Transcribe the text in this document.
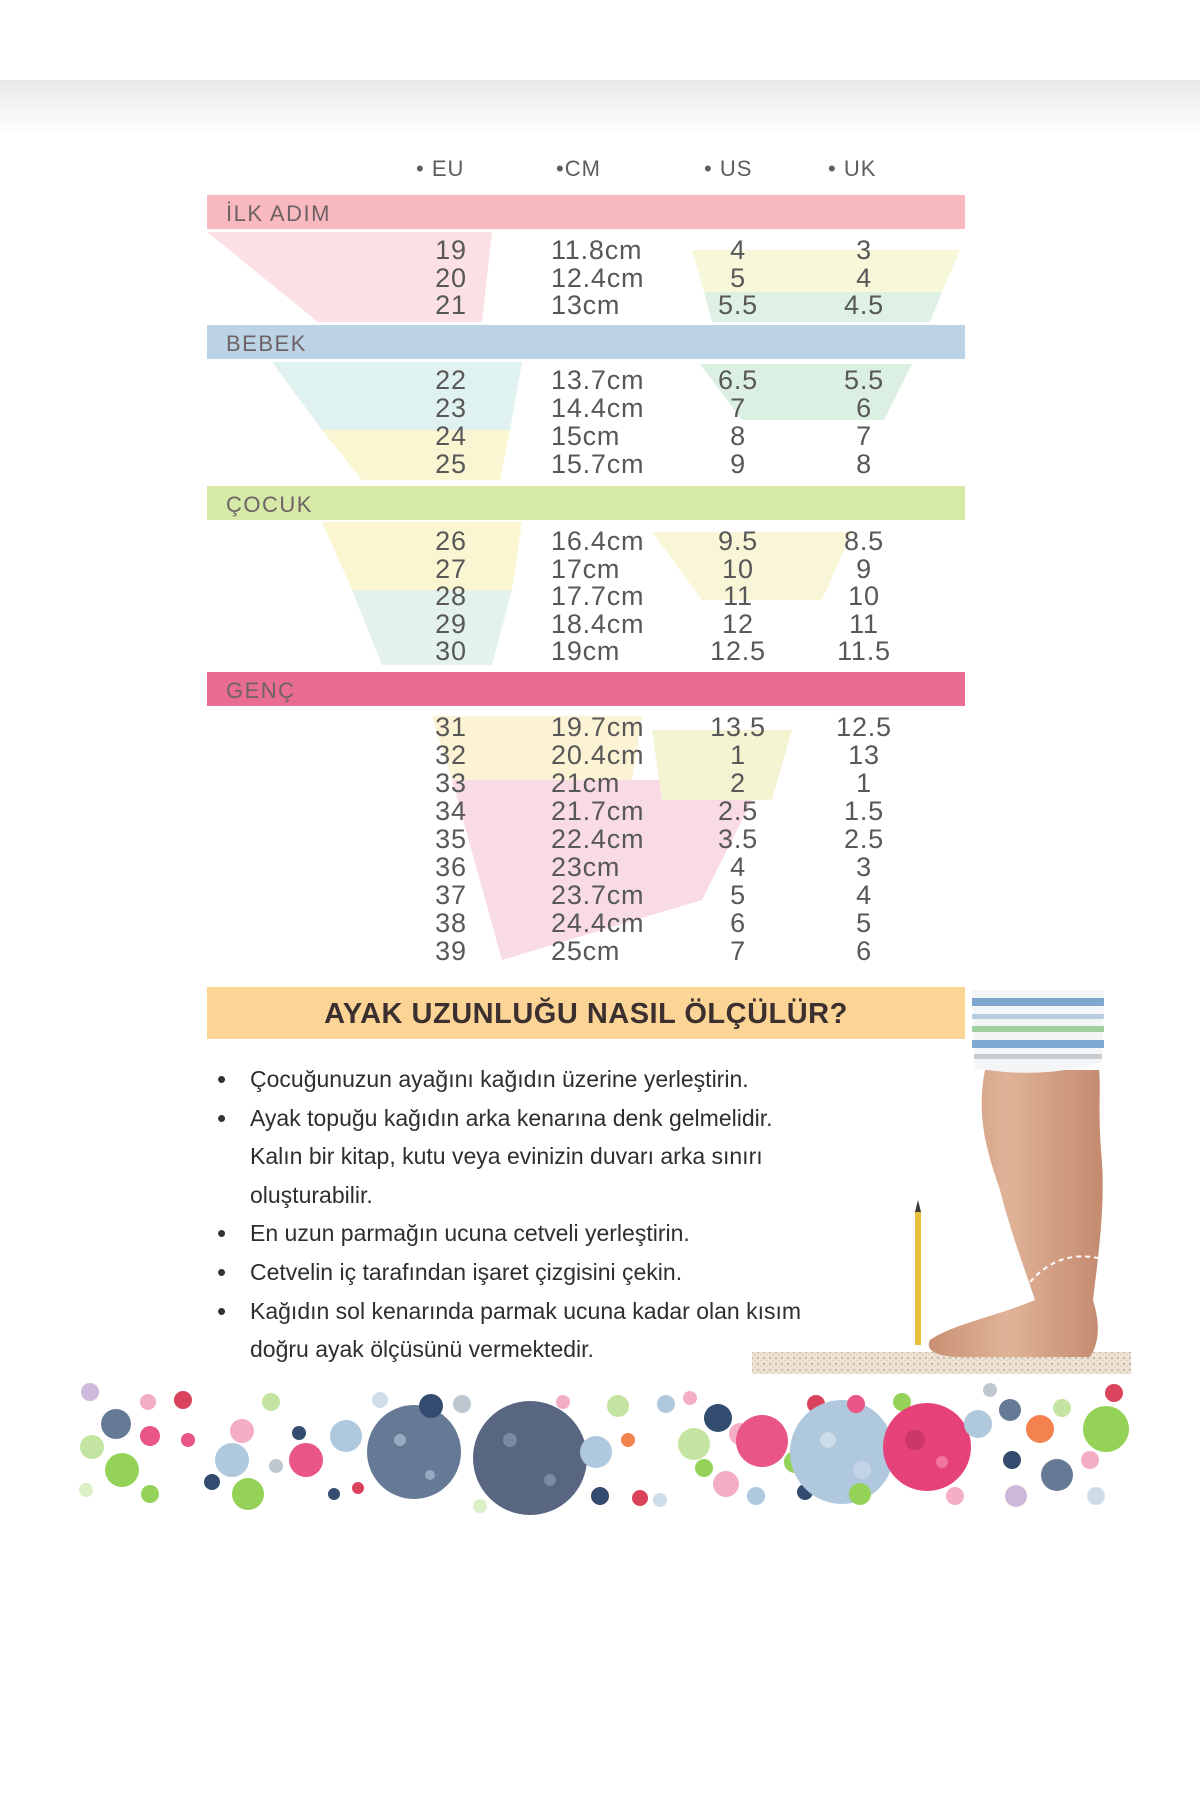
• EU	•CM	• US	• UK
İLK ADIM
19	11.8cm	4	3
20	12.4cm	5	4
21	13cm	5.5	4.5
BEBEK
22	13.7cm	6.5	5.5
23	14.4cm	7	6
24	15cm	8	7
25	15.7cm	9	8
ÇOCUK
26	16.4cm	9.5	8.5
27	17cm	10	9
28	17.7cm	11	10
29	18.4cm	12	11
30	19cm	12.5	11.5
GENÇ
31	19.7cm	13.5	12.5
32	20.4cm	1	13
33	21cm	2	1
34	21.7cm	2.5	1.5
35	22.4cm	3.5	2.5
36	23cm	4	3
37	23.7cm	5	4
38	24.4cm	6	5
39	25cm	7	6
AYAK UZUNLUĞU NASIL ÖLÇÜLÜR?
• Çocuğunuzun ayağını kağıdın üzerine yerleştirin.
• Ayak topuğu kağıdın arka kenarına denk gelmelidir.
Kalın bir kitap, kutu veya evinizin duvarı arka sınırı
oluşturabilir.
• En uzun parmağın ucuna cetveli yerleştirin.
• Cetvelin iç tarafından işaret çizgisini çekin.
• Kağıdın sol kenarında parmak ucuna kadar olan kısım
doğru ayak ölçüsünü vermektedir.
